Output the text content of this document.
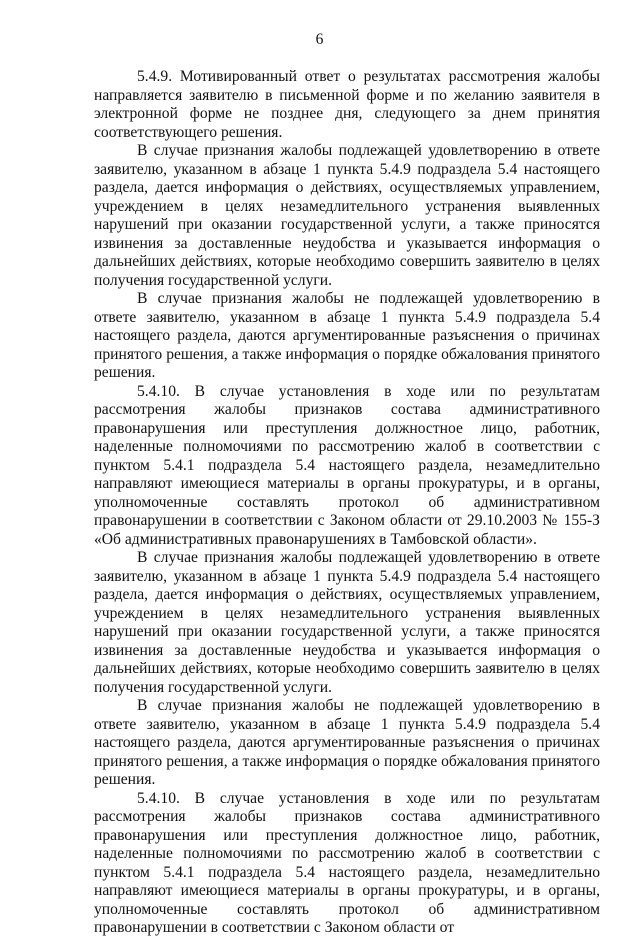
6

5.4.9. Мотивированный ответ о результатах рассмотрения жалобы направляется заявителю в письменной форме и по желанию заявителя в электронной форме не позднее дня, следующего за днем принятия соответствующего решения.

В случае признания жалобы подлежащей удовлетворению в ответе заявителю, указанном в абзаце 1 пункта 5.4.9 подраздела 5.4 настоящего раздела, дается информация о действиях, осуществляемых управлением, учреждением в целях незамедлительного устранения выявленных нарушений при оказании государственной услуги, а также приносятся извинения за доставленные неудобства и указывается информация о дальнейших действиях, которые необходимо совершить заявителю в целях получения государственной услуги.

В случае признания жалобы не подлежащей удовлетворению в ответе заявителю, указанном в абзаце 1 пункта 5.4.9 подраздела 5.4 настоящего раздела, даются аргументированные разъяснения о причинах принятого решения, а также информация о порядке обжалования принятого решения.

5.4.10. В случае установления в ходе или по результатам рассмотрения жалобы признаков состава административного правонарушения или преступления должностное лицо, работник, наделенные полномочиями по рассмотрению жалоб в соответствии с пунктом 5.4.1 подраздела 5.4 настоящего раздела, незамедлительно направляют имеющиеся материалы в органы прокуратуры, и в органы, уполномоченные составлять протокол об административном правонарушении в соответствии с Законом области от 29.10.2003 № 155-З «Об административных правонарушениях в Тамбовской области».

В случае признания жалобы подлежащей удовлетворению в ответе заявителю, указанном в абзаце 1 пункта 5.4.9 подраздела 5.4 настоящего раздела, дается информация о действиях, осуществляемых управлением, учреждением в целях незамедлительного устранения выявленных нарушений при оказании государственной услуги, а также приносятся извинения за доставленные неудобства и указывается информация о дальнейших действиях, которые необходимо совершить заявителю в целях получения государственной услуги.

В случае признания жалобы не подлежащей удовлетворению в ответе заявителю, указанном в абзаце 1 пункта 5.4.9 подраздела 5.4 настоящего раздела, даются аргументированные разъяснения о причинах принятого решения, а также информация о порядке обжалования принятого решения.

5.4.10. В случае установления в ходе или по результатам рассмотрения жалобы признаков состава административного правонарушения или преступления должностное лицо, работник, наделенные полномочиями по рассмотрению жалоб в соответствии с пунктом 5.4.1 подраздела 5.4 настоящего раздела, незамедлительно направляют имеющиеся материалы в органы прокуратуры, и в органы, уполномоченные составлять протокол об административном правонарушении в соответствии с Законом области от
